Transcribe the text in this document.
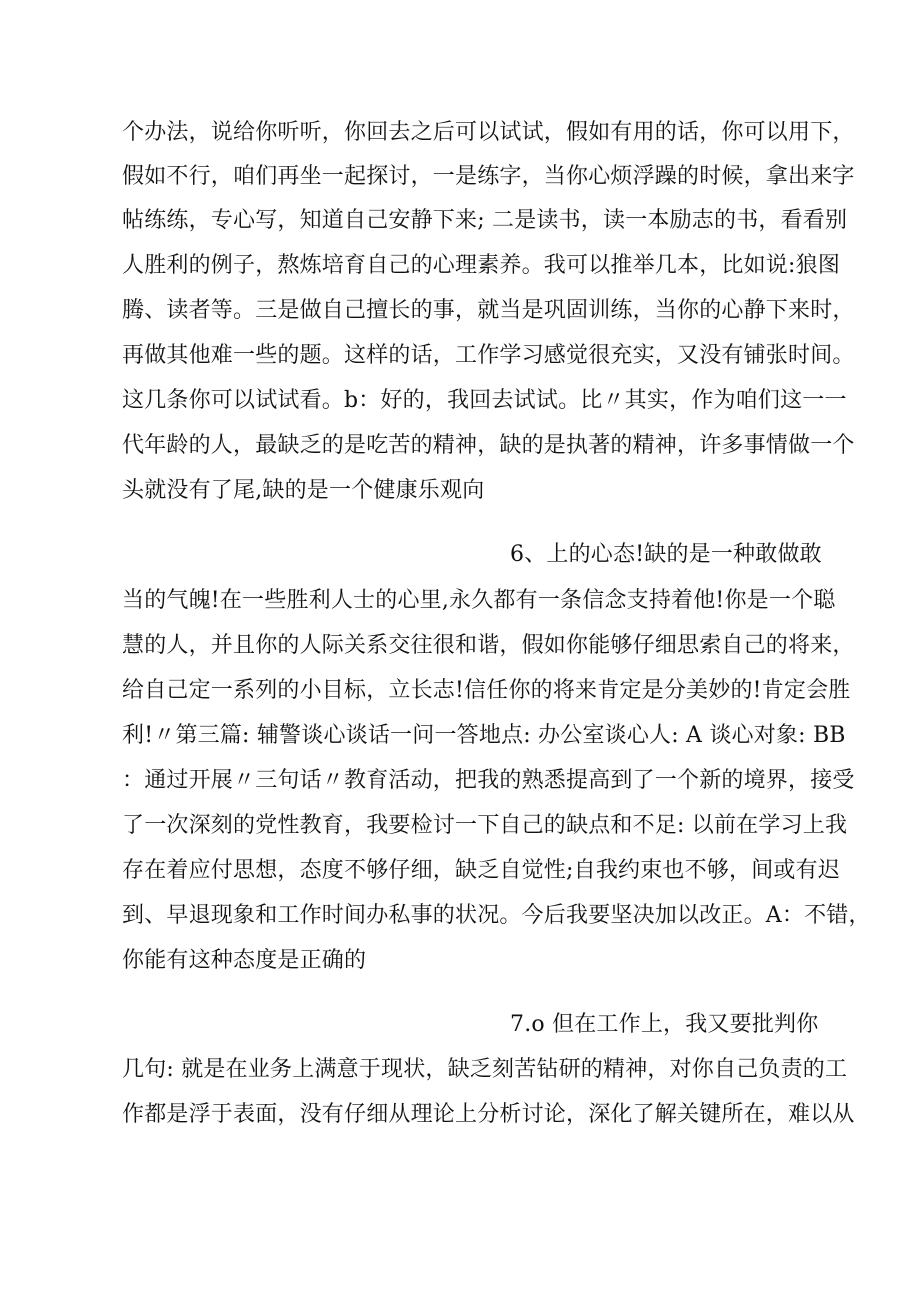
个办法，说给你听听，你回去之后可以试试，假如有用的话，你可以用下，
假如不行，咱们再坐一起探讨，一是练字，当你心烦浮躁的时候，拿出来字
帖练练，专心写，知道自己安静下来; 二是读书，读一本励志的书，看看别
人胜利的例子，熬炼培育自己的心理素养。我可以推举几本，比如说:狼图
腾、读者等。三是做自己擅长的事，就当是巩固训练，当你的心静下来时，
再做其他难一些的题。这样的话，工作学习感觉很充实，又没有铺张时间。
这几条你可以试试看。b：好的，我回去试试。比〃其实，作为咱们这一一
代年龄的人，最缺乏的是吃苦的精神，缺的是执著的精神，许多事情做一个
头就没有了尾,缺的是一个健康乐观向
6、上的心态!缺的是一种敢做敢
当的气魄!在一些胜利人士的心里,永久都有一条信念支持着他!你是一个聪
慧的人，并且你的人际关系交往很和谐，假如你能够仔细思索自己的将来，
给自己定一系列的小目标，立长志!信任你的将来肯定是分美妙的!肯定会胜
利!〃第三篇: 辅警谈心谈话一问一答地点: 办公室谈心人: A 谈心对象: BB
：通过开展〃三句话〃教育活动，把我的熟悉提高到了一个新的境界，接受
了一次深刻的党性教育，我要检讨一下自己的缺点和不足: 以前在学习上我
存在着应付思想，态度不够仔细，缺乏自觉性;自我约束也不够，间或有迟
到、早退现象和工作时间办私事的状况。今后我要坚决加以改正。A：不错，
你能有这种态度是正确的
7.o 但在工作上，我又要批判你
几句: 就是在业务上满意于现状，缺乏刻苦钻研的精神，对你自己负责的工
作都是浮于表面，没有仔细从理论上分析讨论，深化了解关键所在，难以从
